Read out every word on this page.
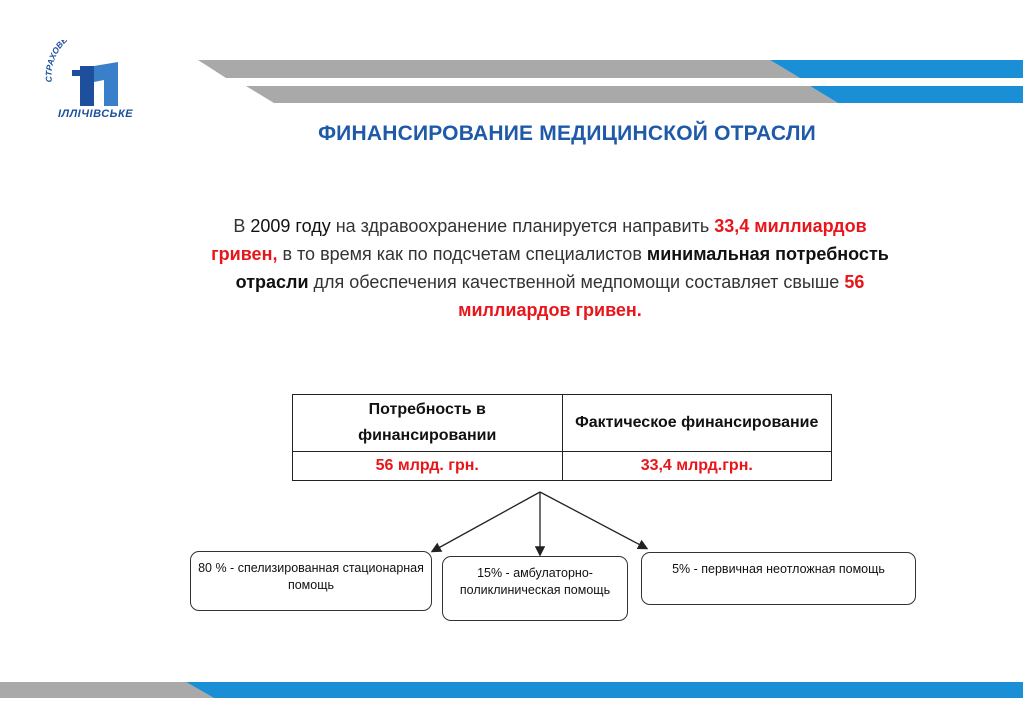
СТРАХОВЕ
ІЛЛІЧІВСЬКЕ
ФИНАНСИРОВАНИЕ МЕДИЦИНСКОЙ ОТРАСЛИ
В 2009 году на здравоохранение планируется направить 33,4 миллиардов гривен, в то время как по подсчетам специалистов минимальная потребность отрасли для обеспечения качественной медпомощи составляет свыше 56 миллиардов гривен.
Потребность в финансировании	Фактическое финансирование
56 млрд. грн.	33,4 млрд.грн.
80 % - спелизированная стационарная помощь
15% - амбулаторно-поликлиническая помощь
5% - первичная неотложная помощь
